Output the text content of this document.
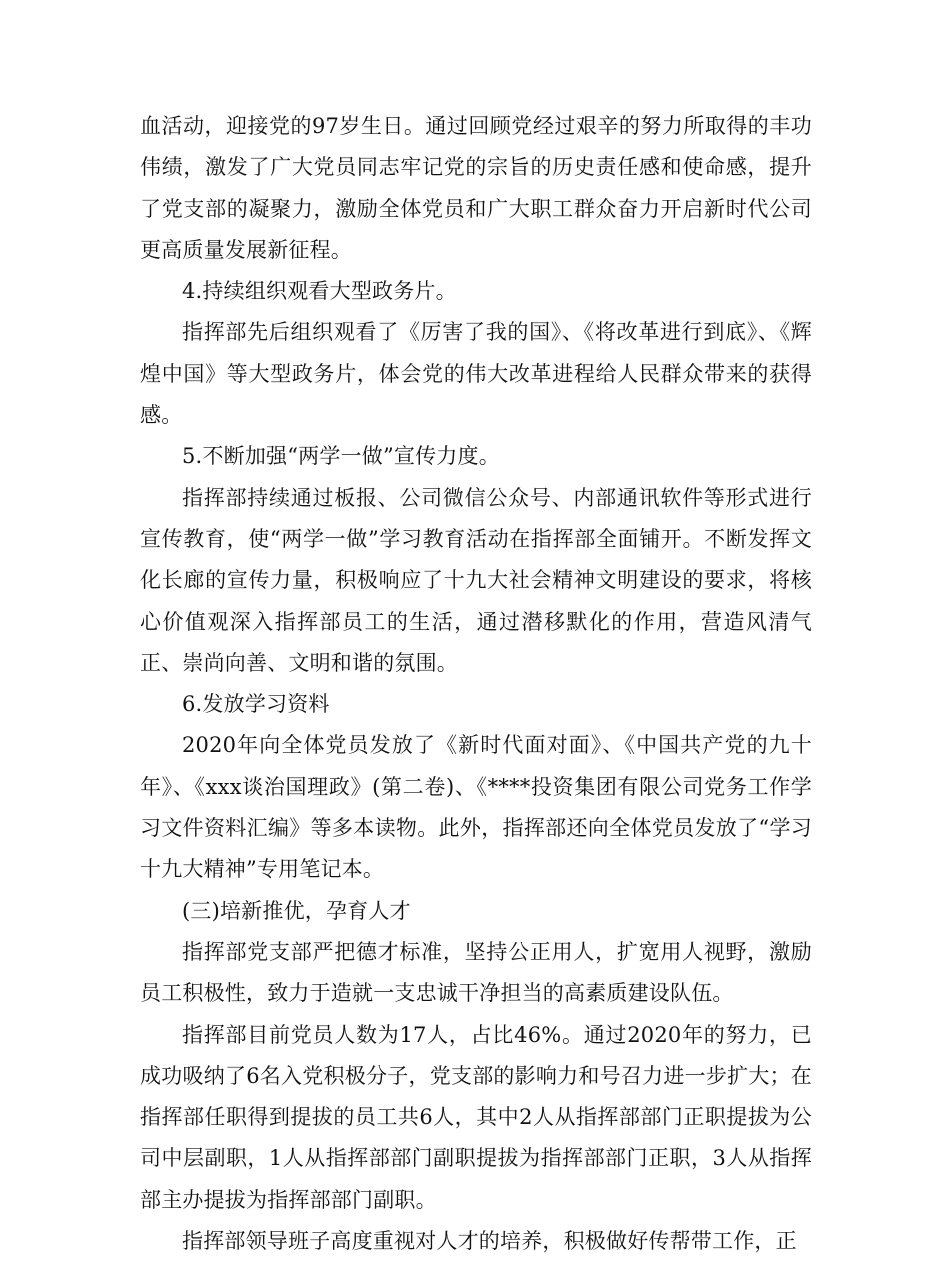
血活动，迎接党的97岁生日。通过回顾党经过艰辛的努力所取得的丰功伟绩，激发了广大党员同志牢记党的宗旨的历史责任感和使命感，提升了党支部的凝聚力，激励全体党员和广大职工群众奋力开启新时代公司更高质量发展新征程。

4.持续组织观看大型政务片。

指挥部先后组织观看了《厉害了我的国》、《将改革进行到底》、《辉煌中国》等大型政务片，体会党的伟大改革进程给人民群众带来的获得感。

5.不断加强“两学一做”宣传力度。

指挥部持续通过板报、公司微信公众号、内部通讯软件等形式进行宣传教育，使“两学一做”学习教育活动在指挥部全面铺开。不断发挥文化长廊的宣传力量，积极响应了十九大社会精神文明建设的要求，将核心价值观深入指挥部员工的生活，通过潜移默化的作用，营造风清气正、崇尚向善、文明和谐的氛围。

6.发放学习资料

2020年向全体党员发放了《新时代面对面》、《中国共产党的九十年》、《xxx谈治国理政》(第二卷)、《****投资集团有限公司党务工作学习文件资料汇编》等多本读物。此外，指挥部还向全体党员发放了“学习十九大精神”专用笔记本。

(三)培新推优，孕育人才

指挥部党支部严把德才标准，坚持公正用人，扩宽用人视野，激励员工积极性，致力于造就一支忠诚干净担当的高素质建设队伍。

指挥部目前党员人数为17人，占比46%。通过2020年的努力，已成功吸纳了6名入党积极分子，党支部的影响力和号召力进一步扩大；在指挥部任职得到提拔的员工共6人，其中2人从指挥部部门正职提拔为公司中层副职，1人从指挥部部门副职提拔为指挥部部门正职，3人从指挥部主办提拔为指挥部部门副职。

指挥部领导班子高度重视对人才的培养，积极做好传帮带工作，正
